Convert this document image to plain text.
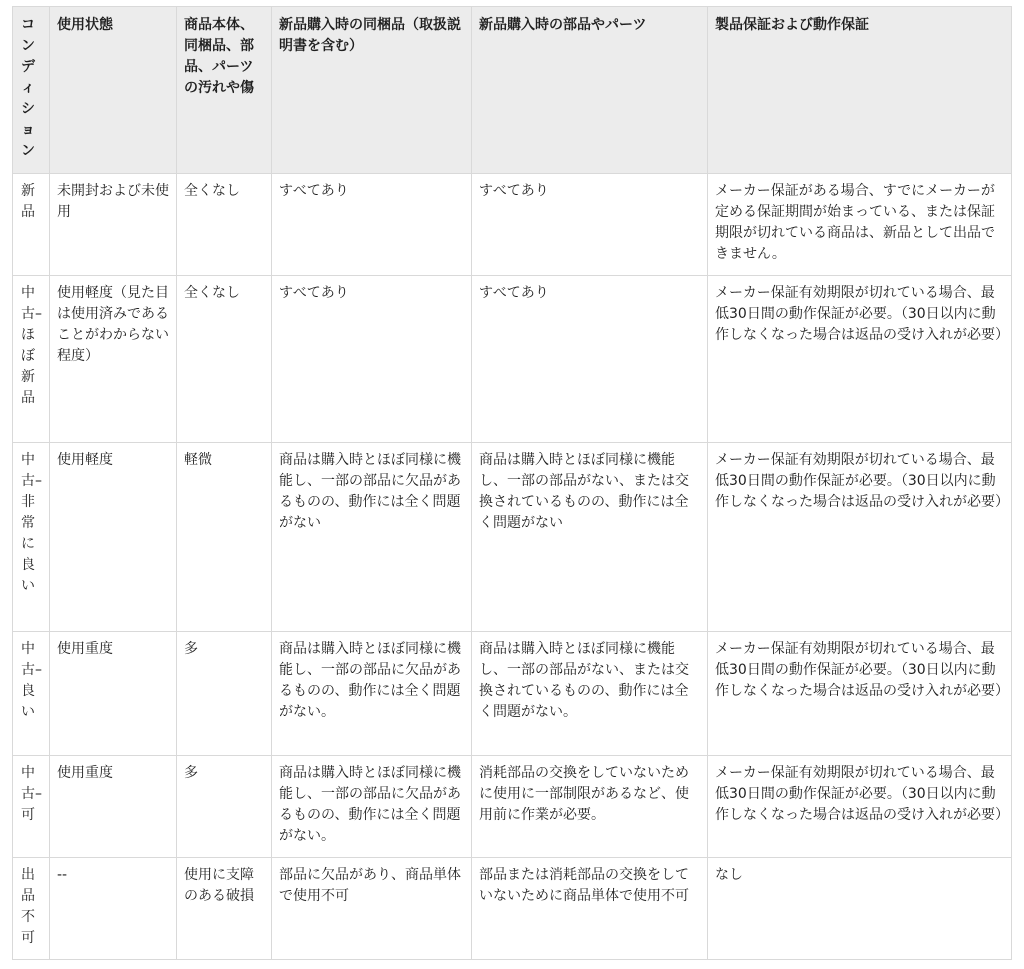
コンディション	使用状態	商品本体、同梱品、部品、パーツの汚れや傷	新品購入時の同梱品（取扱説明書を含む）	新品購入時の部品やパーツ	製品保証および動作保証
新品	未開封および未使用	全くなし	すべてあり	すべてあり	メーカー保証がある場合、すでにメーカーが定める保証期間が始まっている、または保証期限が切れている商品は、新品として出品できません。
中古–ほぼ新品	使用軽度（見た目は使用済みであることがわからない程度）	全くなし	すべてあり	すべてあり	メーカー保証有効期限が切れている場合、最低30日間の動作保証が必要。（30日以内に動作しなくなった場合は返品の受け入れが必要）
中古–非常に良い	使用軽度	軽微	商品は購入時とほぼ同様に機能し、一部の部品に欠品があるものの、動作には全く問題がない	商品は購入時とほぼ同様に機能し、一部の部品がない、または交換されているものの、動作には全く問題がない	メーカー保証有効期限が切れている場合、最低30日間の動作保証が必要。（30日以内に動作しなくなった場合は返品の受け入れが必要）
中古–良い	使用重度	多	商品は購入時とほぼ同様に機能し、一部の部品に欠品があるものの、動作には全く問題がない。	商品は購入時とほぼ同様に機能し、一部の部品がない、または交換されているものの、動作には全く問題がない。	メーカー保証有効期限が切れている場合、最低30日間の動作保証が必要。（30日以内に動作しなくなった場合は返品の受け入れが必要）
中古–可	使用重度	多	商品は購入時とほぼ同様に機能し、一部の部品に欠品があるものの、動作には全く問題がない。	消耗部品の交換をしていないために使用に一部制限があるなど、使用前に作業が必要。	メーカー保証有効期限が切れている場合、最低30日間の動作保証が必要。（30日以内に動作しなくなった場合は返品の受け入れが必要）
出品不可	--	使用に支障のある破損	部品に欠品があり、商品単体で使用不可	部品または消耗部品の交換をしていないために商品単体で使用不可	なし
